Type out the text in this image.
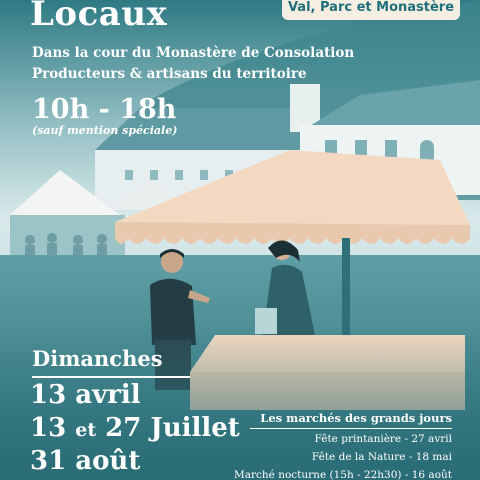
Val, Parc et Monastère
Locaux

Dans la cour du Monastère de Consolation

Producteurs & artisans du territoire

10h - 18h

(sauf mention spéciale)

Dimanches

13 avril

13 et 27 Juillet

31 août

Les marchés des grands jours
Fête printanière - 27 avril
Fête de la Nature - 18 mai
Marché nocturne (15h - 22h30) - 16 août
